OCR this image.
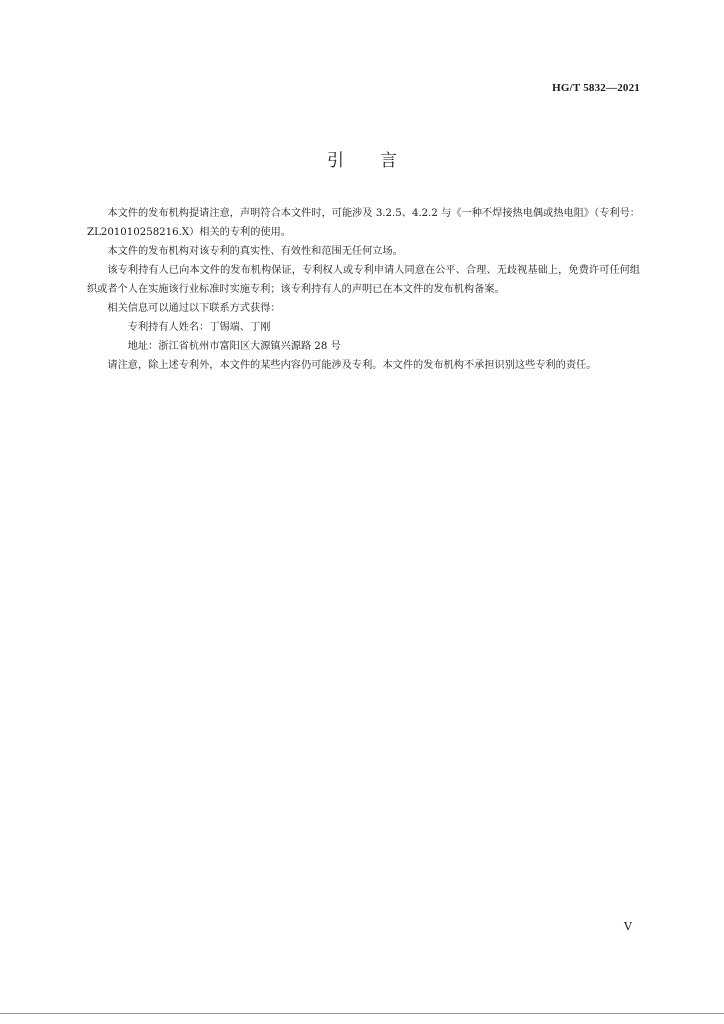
HG/T 5832—2021
引言

本文件的发布机构提请注意，声明符合本文件时，可能涉及 3.2.5、4.2.2 与《一种不焊接热电偶或热电阻》（专利号：ZL201010258216.X）相关的专利的使用。

本文件的发布机构对该专利的真实性、有效性和范围无任何立场。

该专利持有人已向本文件的发布机构保证，专利权人或专利申请人同意在公平、合理、无歧视基础上，免费许可任何组织或者个人在实施该行业标准时实施专利；该专利持有人的声明已在本文件的发布机构备案。

相关信息可以通过以下联系方式获得：

专利持有人姓名：丁锡端、丁刚

地址：浙江省杭州市富阳区大源镇兴源路 28 号

请注意，除上述专利外，本文件的某些内容仍可能涉及专利。本文件的发布机构不承担识别这些专利的责任。

V
